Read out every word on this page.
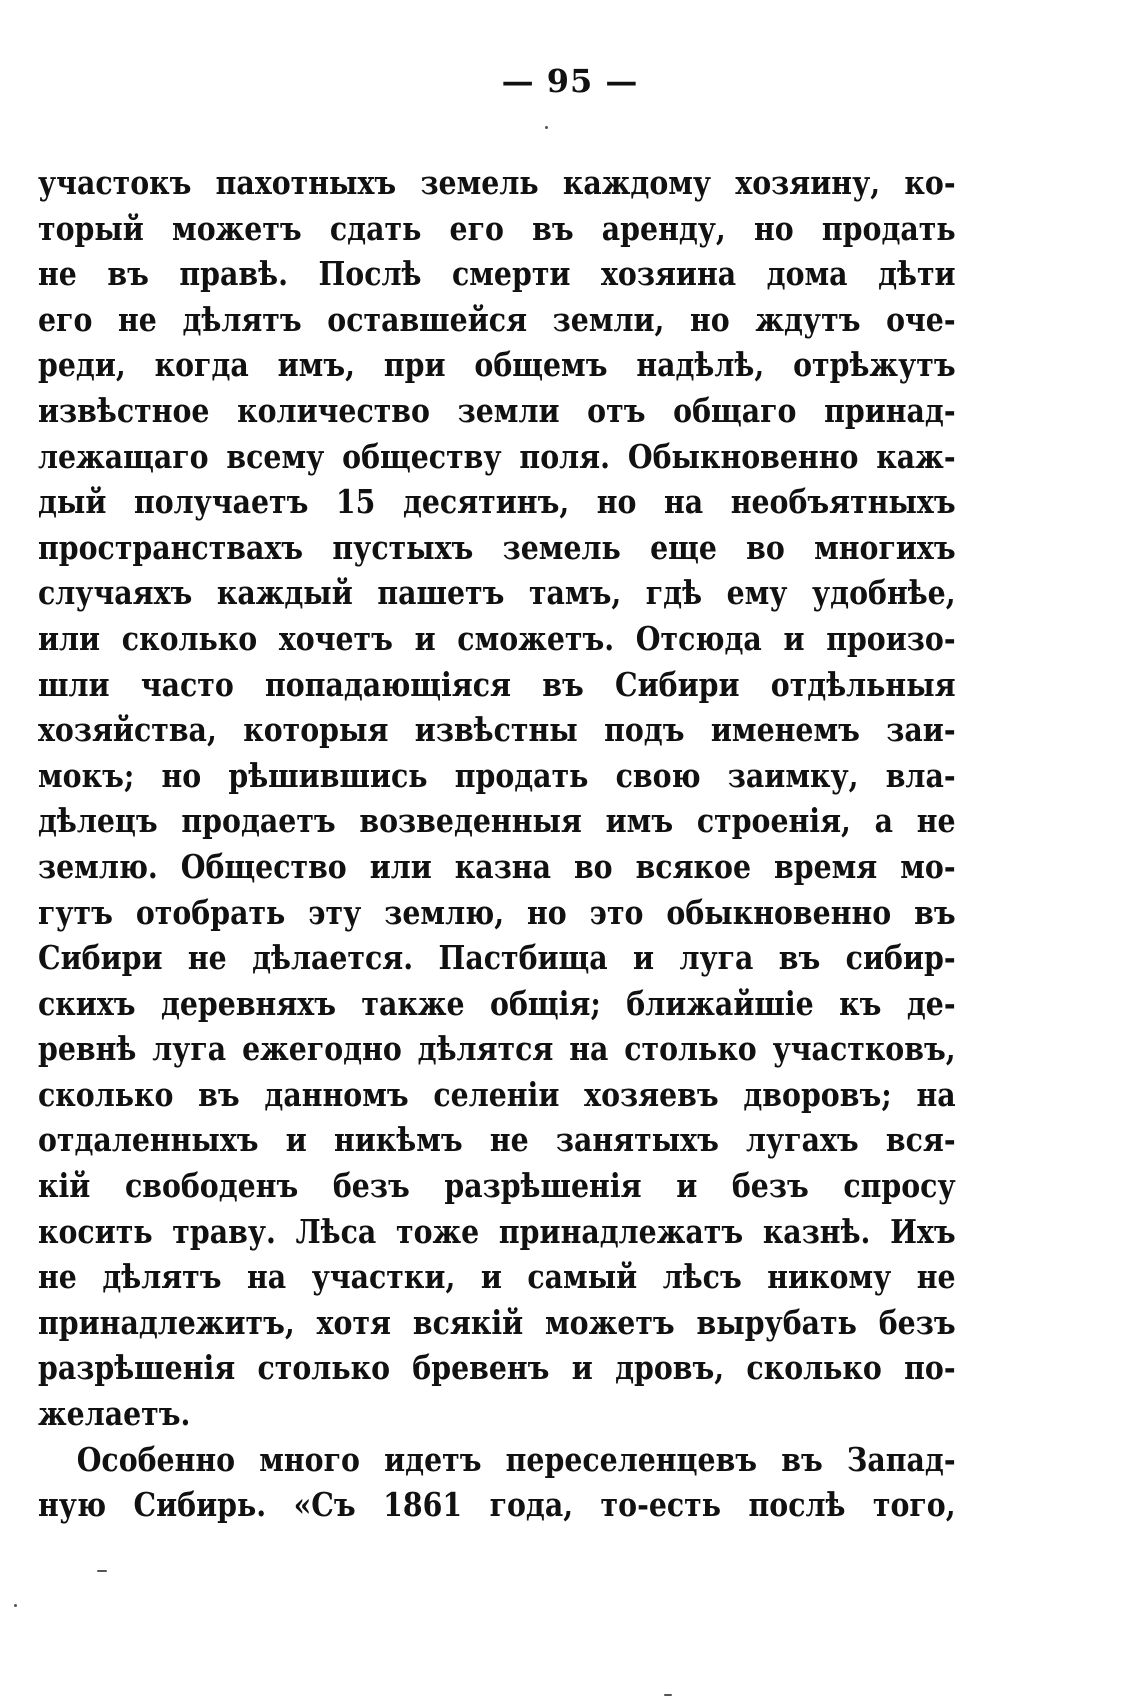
— 95 —
участокъ пахотныхъ земель каждому хозяину, ко-
торый можетъ сдать его въ аренду, но продать
не въ правѣ. Послѣ смерти хозяина дома дѣти
его не дѣлятъ оставшейся земли, но ждутъ оче-
реди, когда имъ, при общемъ надѣлѣ, отрѣжутъ
извѣстное количество земли отъ общаго принад-
лежащаго всему обществу поля. Обыкновенно каж-
дый получаетъ 15 десятинъ, но на необъятныхъ
пространствахъ пустыхъ земель еще во многихъ
случаяхъ каждый пашетъ тамъ, гдѣ ему удобнѣе,
или сколько хочетъ и сможетъ. Отсюда и произо-
шли часто попадающіяся въ Сибири отдѣльныя
хозяйства, которыя извѣстны подъ именемъ заи-
мокъ; но рѣшившись продать свою заимку, вла-
дѣлецъ продаетъ возведенныя имъ строенія, а не
землю. Общество или казна во всякое время мо-
гутъ отобрать эту землю, но это обыкновенно въ
Сибири не дѣлается. Пастбища и луга въ сибир-
скихъ деревняхъ также общія; ближайшіе къ де-
ревнѣ луга ежегодно дѣлятся на столько участковъ,
сколько въ данномъ селеніи хозяевъ дворовъ; на
отдаленныхъ и никѣмъ не занятыхъ лугахъ вся-
кій свободенъ безъ разрѣшенія и безъ спросу
косить траву. Лѣса тоже принадлежатъ казнѣ. Ихъ
не дѣлятъ на участки, и самый лѣсъ никому не
принадлежитъ, хотя всякій можетъ вырубать безъ
разрѣшенія столько бревенъ и дровъ, сколько по-
желаетъ.
Особенно много идетъ переселенцевъ въ Запад-
ную Сибирь. «Съ 1861 года, то-есть послѣ того,
